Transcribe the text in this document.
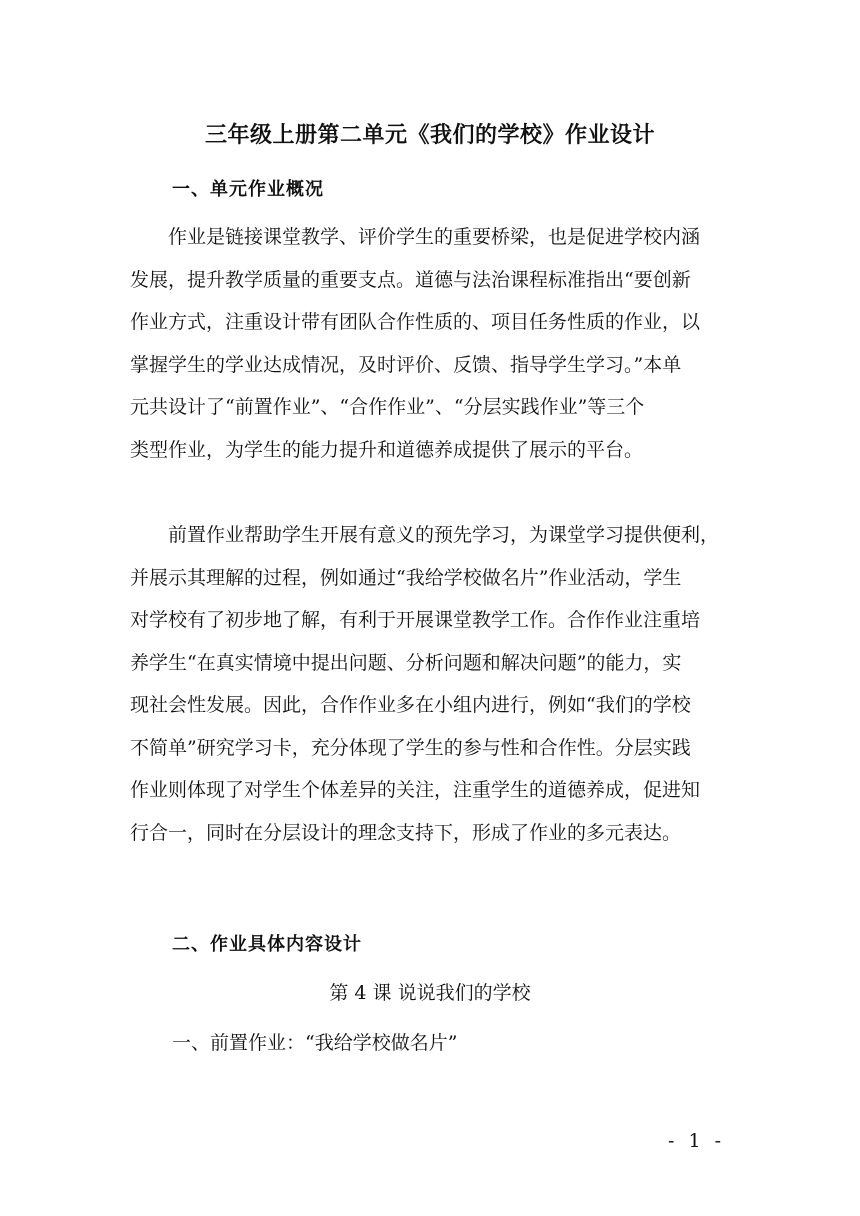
三年级上册第二单元《我们的学校》作业设计
一、单元作业概况
　　作业是链接课堂教学、评价学生的重要桥梁，也是促进学校内涵
发展，提升教学质量的重要支点。道德与法治课程标准指出“要创新
作业方式，注重设计带有团队合作性质的、项目任务性质的作业，以
掌握学生的学业达成情况，及时评价、反馈、指导学生学习。”本单
元共设计了“前置作业”、“合作作业”、“分层实践作业”等三个
类型作业，为学生的能力提升和道德养成提供了展示的平台。
　　前置作业帮助学生开展有意义的预先学习，为课堂学习提供便利，
并展示其理解的过程，例如通过“我给学校做名片”作业活动，学生
对学校有了初步地了解，有利于开展课堂教学工作。合作作业注重培
养学生“在真实情境中提出问题、分析问题和解决问题”的能力，实
现社会性发展。因此，合作作业多在小组内进行，例如“我们的学校
不简单”研究学习卡，充分体现了学生的参与性和合作性。分层实践
作业则体现了对学生个体差异的关注，注重学生的道德养成，促进知
行合一，同时在分层设计的理念支持下，形成了作业的多元表达。
二、作业具体内容设计
第 4 课 说说我们的学校
一、前置作业：“我给学校做名片”
- 1 -
